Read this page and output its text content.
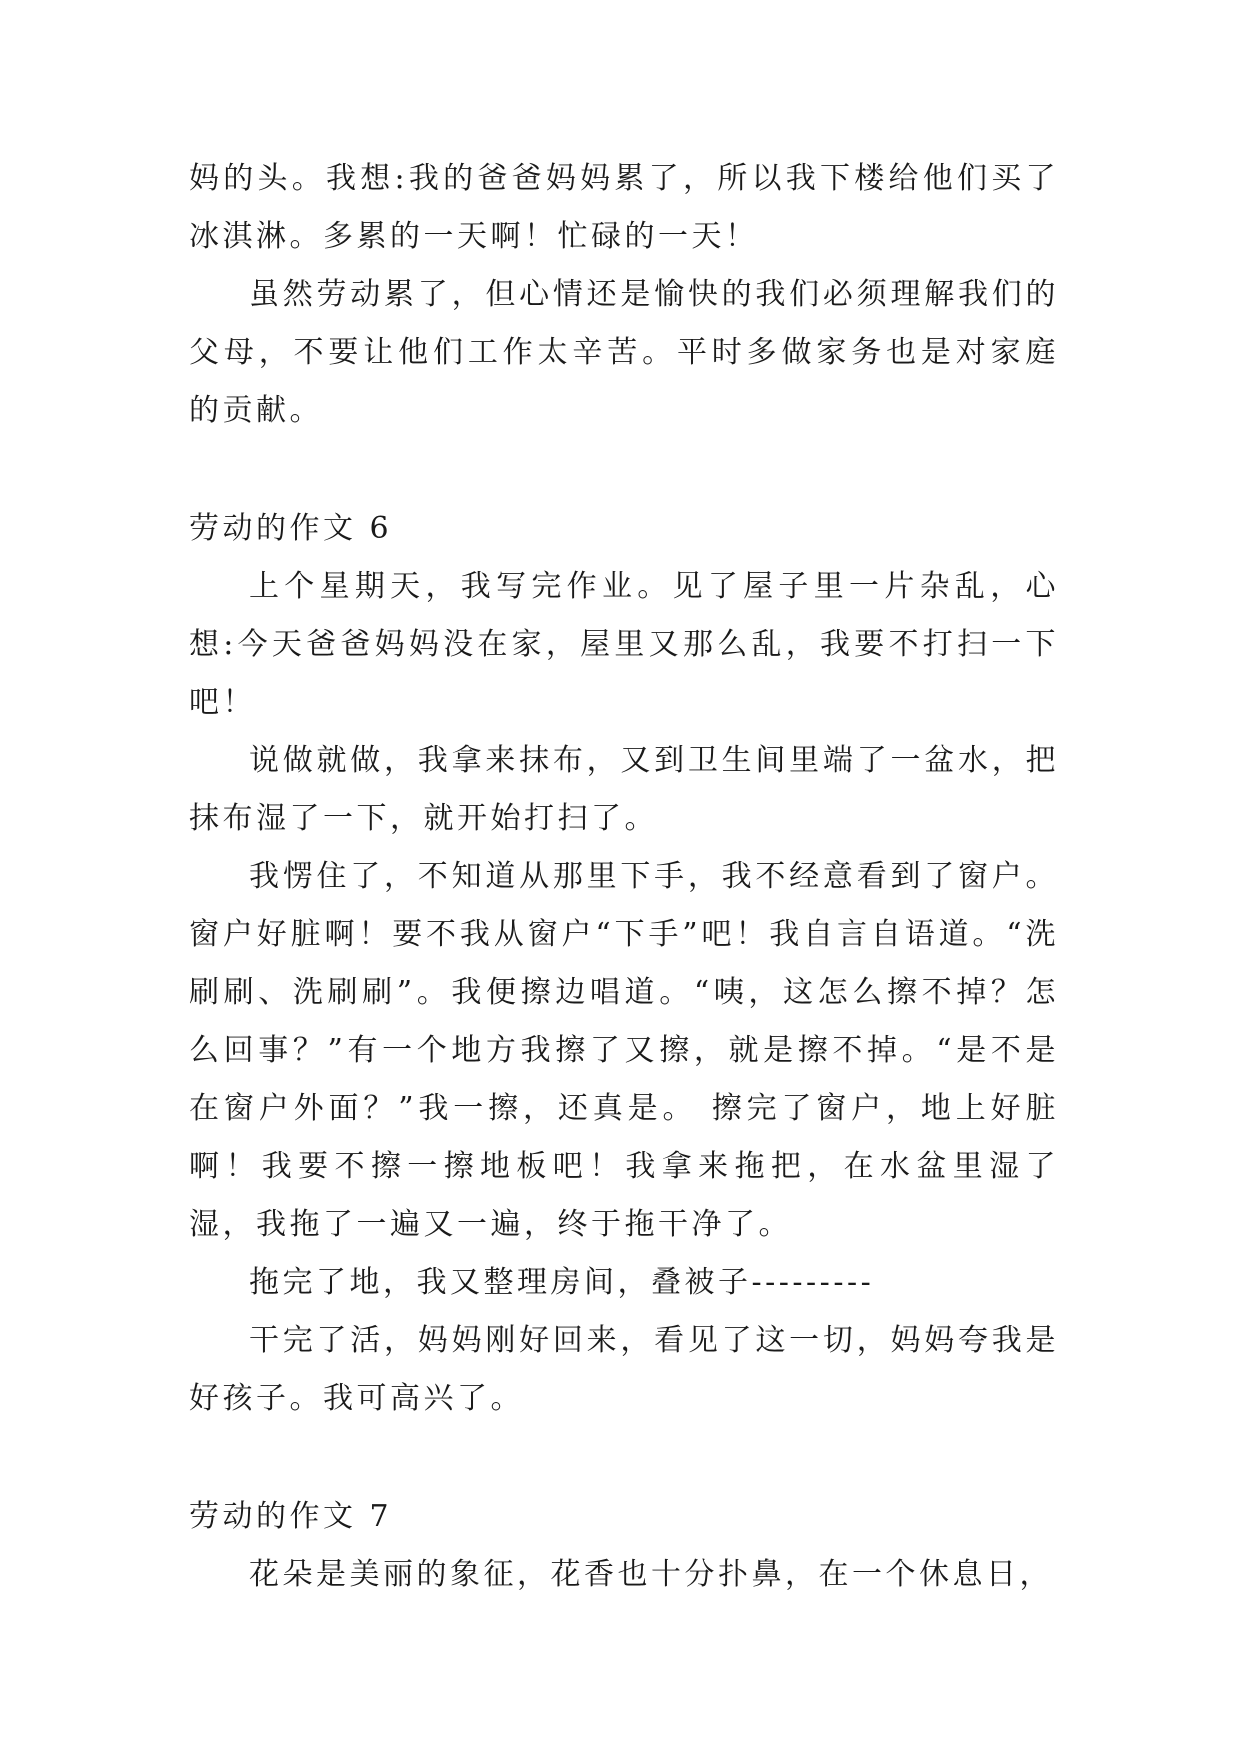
妈的头。我想:我的爸爸妈妈累了，所以我下楼给他们买了冰淇淋。多累的一天啊！忙碌的一天！

虽然劳动累了，但心情还是愉快的我们必须理解我们的父母，不要让他们工作太辛苦。平时多做家务也是对家庭的贡献。

劳动的作文 6

上个星期天，我写完作业。见了屋子里一片杂乱，心想:今天爸爸妈妈没在家，屋里又那么乱，我要不打扫一下吧！

说做就做，我拿来抹布，又到卫生间里端了一盆水，把抹布湿了一下，就开始打扫了。

我愣住了，不知道从那里下手，我不经意看到了窗户。窗户好脏啊！要不我从窗户“下手”吧！我自言自语道。“洗刷刷、洗刷刷”。我便擦边唱道。“咦，这怎么擦不掉？怎么回事？”有一个地方我擦了又擦，就是擦不掉。“是不是在窗户外面？”我一擦，还真是。 擦完了窗户，地上好脏啊！我要不擦一擦地板吧！我拿来拖把，在水盆里湿了湿，我拖了一遍又一遍，终于拖干净了。

拖完了地，我又整理房间，叠被子---------

干完了活，妈妈刚好回来，看见了这一切，妈妈夸我是好孩子。我可高兴了。

劳动的作文 7

花朵是美丽的象征，花香也十分扑鼻，在一个休息日，
